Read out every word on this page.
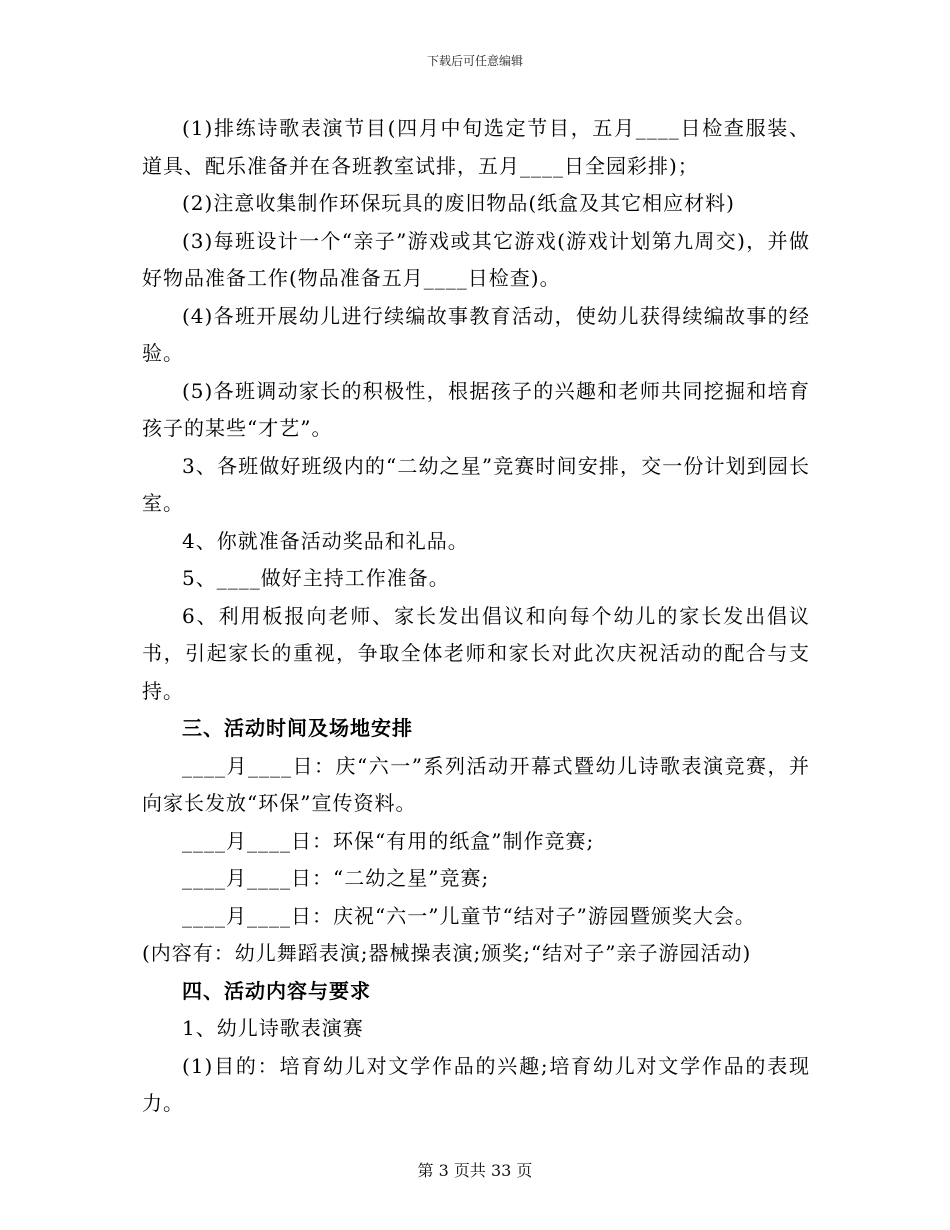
下载后可任意编辑

(1)排练诗歌表演节目(四月中旬选定节目，五月____日检查服装、道具、配乐准备并在各班教室试排，五月____日全园彩排)；

(2)注意收集制作环保玩具的废旧物品(纸盒及其它相应材料)

(3)每班设计一个“亲子”游戏或其它游戏(游戏计划第九周交)，并做好物品准备工作(物品准备五月____日检查)。

(4)各班开展幼儿进行续编故事教育活动，使幼儿获得续编故事的经验。

(5)各班调动家长的积极性，根据孩子的兴趣和老师共同挖掘和培育孩子的某些“才艺”。

3、各班做好班级内的“二幼之星”竞赛时间安排，交一份计划到园长室。

4、你就准备活动奖品和礼品。

5、____做好主持工作准备。

6、利用板报向老师、家长发出倡议和向每个幼儿的家长发出倡议书，引起家长的重视，争取全体老师和家长对此次庆祝活动的配合与支持。

三、活动时间及场地安排

____月____日：庆“六一”系列活动开幕式暨幼儿诗歌表演竞赛，并向家长发放“环保”宣传资料。

____月____日：环保“有用的纸盒”制作竞赛;

____月____日：“二幼之星”竞赛;

____月____日：庆祝“六一”儿童节“结对子”游园暨颁奖大会。

(内容有：幼儿舞蹈表演;器械操表演;颁奖;“结对子”亲子游园活动)

四、活动内容与要求

1、幼儿诗歌表演赛

(1)目的：培育幼儿对文学作品的兴趣;培育幼儿对文学作品的表现力。

第 3 页共 33 页
